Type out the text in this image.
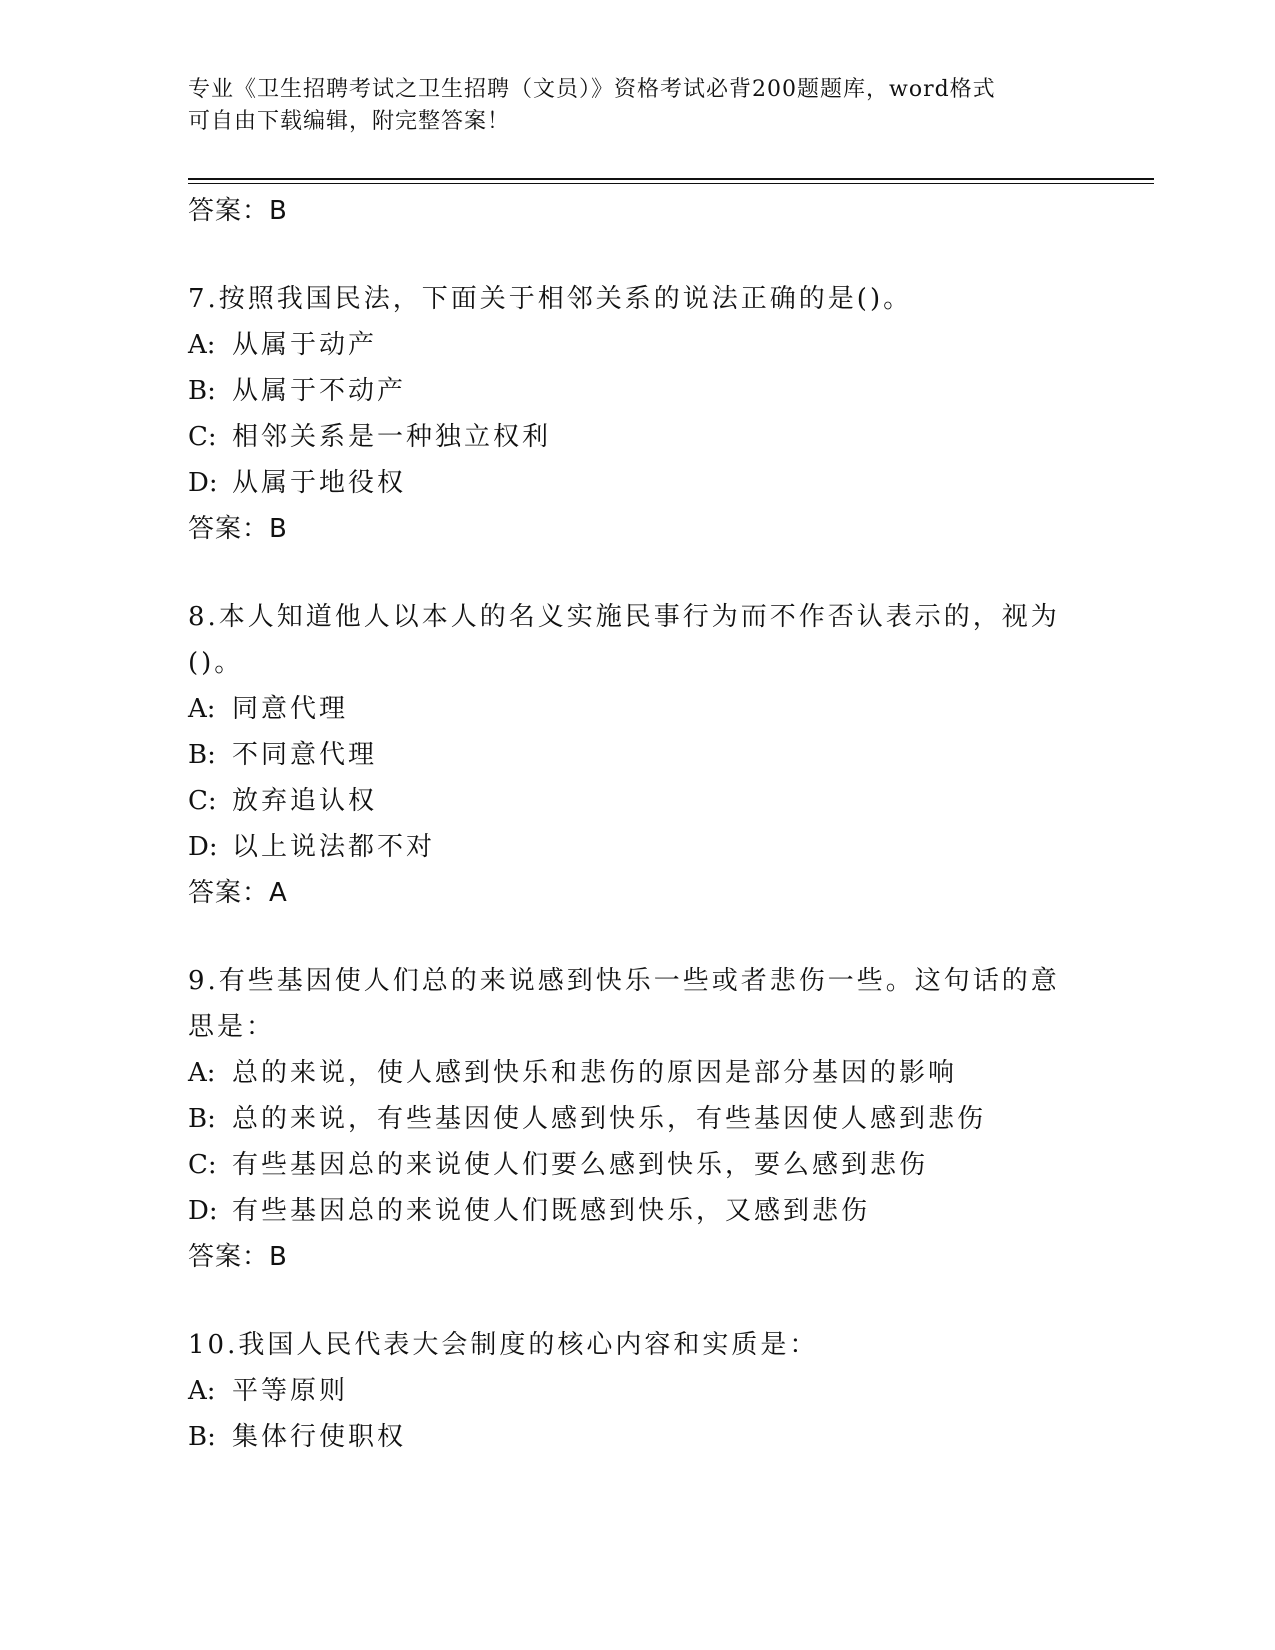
专业《卫生招聘考试之卫生招聘（文员）》资格考试必背200题题库，word格式
可自由下载编辑，附完整答案！
答案：B
7.按照我国民法，下面关于相邻关系的说法正确的是()。
A: 从属于动产
B: 从属于不动产
C: 相邻关系是一种独立权利
D: 从属于地役权
答案：B
8.本人知道他人以本人的名义实施民事行为而不作否认表示的，视为()。
A: 同意代理
B: 不同意代理
C: 放弃追认权
D: 以上说法都不对
答案：A
9.有些基因使人们总的来说感到快乐一些或者悲伤一些。这句话的意思是：
A: 总的来说，使人感到快乐和悲伤的原因是部分基因的影响
B: 总的来说，有些基因使人感到快乐，有些基因使人感到悲伤
C: 有些基因总的来说使人们要么感到快乐，要么感到悲伤
D: 有些基因总的来说使人们既感到快乐，又感到悲伤
答案：B
10.我国人民代表大会制度的核心内容和实质是：
A: 平等原则
B: 集体行使职权
